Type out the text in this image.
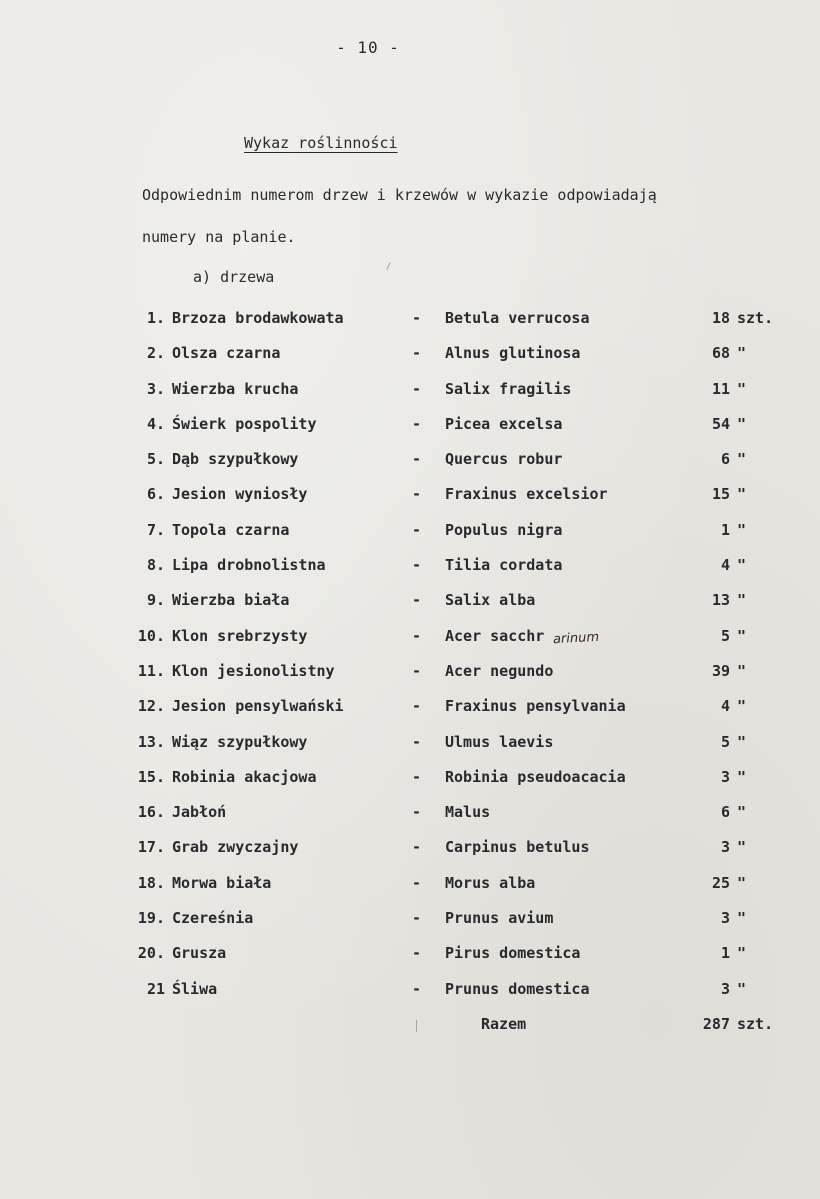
- 10 -
Wykaz roślinności
Odpowiednim numerom drzew i krzewów w wykazie odpowiadają
numery na planie.
a) drzewa
1. Brzoza brodawkowata	- Betula verrucosa	18 szt.
2. Olsza czarna	- Alnus glutinosa	68 "
3. Wierzba krucha	- Salix fragilis	11 "
4. Świerk pospolity	- Picea excelsa	54 "
5. Dąb szypułkowy	- Quercus robur	6 "
6. Jesion wyniosły	- Fraxinus excelsior	15 "
7. Topola czarna	- Populus nigra	1 "
8. Lipa drobnolistna	- Tilia cordata	4 "
9. Wierzba biała	- Salix alba	13 "
10. Klon srebrzysty	- Acer sacchr	5 "
11. Klon jesionolistny	- Acer negundo	39 "
12. Jesion pensylwański	- Fraxinus pensylvania	4 "
13. Wiąz szypułkowy	- Ulmus laevis	5 "
15. Robinia akacjowa	- Robinia pseudoacacia	3 "
16. Jabłoń	- Malus	6 "
17. Grab zwyczajny	- Carpinus betulus	3 "
18. Morwa biała	- Morus alba	25 "
19. Czereśnia	- Prunus avium	3 "
20. Grusza	- Pirus domestica	1 "
21 Śliwa	- Prunus domestica	3 "
arinum
Razem	287 szt.
